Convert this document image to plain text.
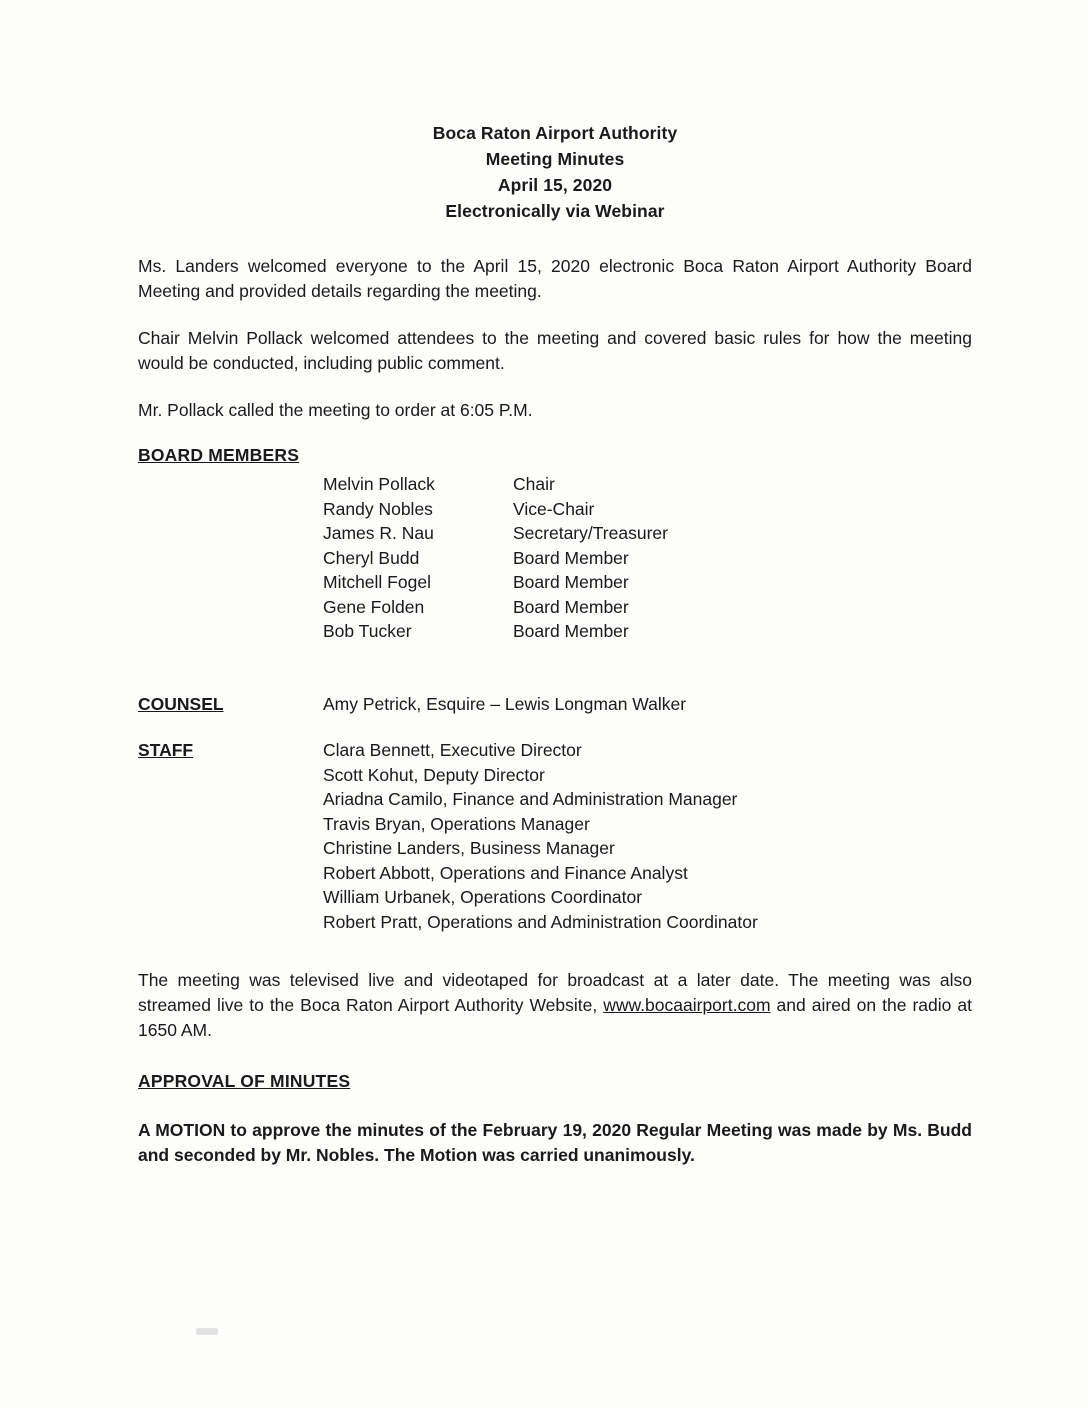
Boca Raton Airport Authority
Meeting Minutes
April 15, 2020
Electronically via Webinar

Ms. Landers welcomed everyone to the April 15, 2020 electronic Boca Raton Airport Authority Board Meeting and provided details regarding the meeting.

Chair Melvin Pollack welcomed attendees to the meeting and covered basic rules for how the meeting would be conducted, including public comment.

Mr. Pollack called the meeting to order at 6:05 P.M.

BOARD MEMBERS
Melvin Pollack	Chair
Randy Nobles	Vice-Chair
James R. Nau	Secretary/Treasurer
Cheryl Budd	Board Member
Mitchell Fogel	Board Member
Gene Folden	Board Member
Bob Tucker	Board Member
COUNSEL	Amy Petrick, Esquire – Lewis Longman Walker
STAFF	Clara Bennett, Executive Director
Scott Kohut, Deputy Director
Ariadna Camilo, Finance and Administration Manager
Travis Bryan, Operations Manager
Christine Landers, Business Manager
Robert Abbott, Operations and Finance Analyst
William Urbanek, Operations Coordinator
Robert Pratt, Operations and Administration Coordinator

The meeting was televised live and videotaped for broadcast at a later date. The meeting was also streamed live to the Boca Raton Airport Authority Website, www.bocaairport.com and aired on the radio at 1650 AM.

APPROVAL OF MINUTES

A MOTION to approve the minutes of the February 19, 2020 Regular Meeting was made by Ms. Budd and seconded by Mr. Nobles. The Motion was carried unanimously.
